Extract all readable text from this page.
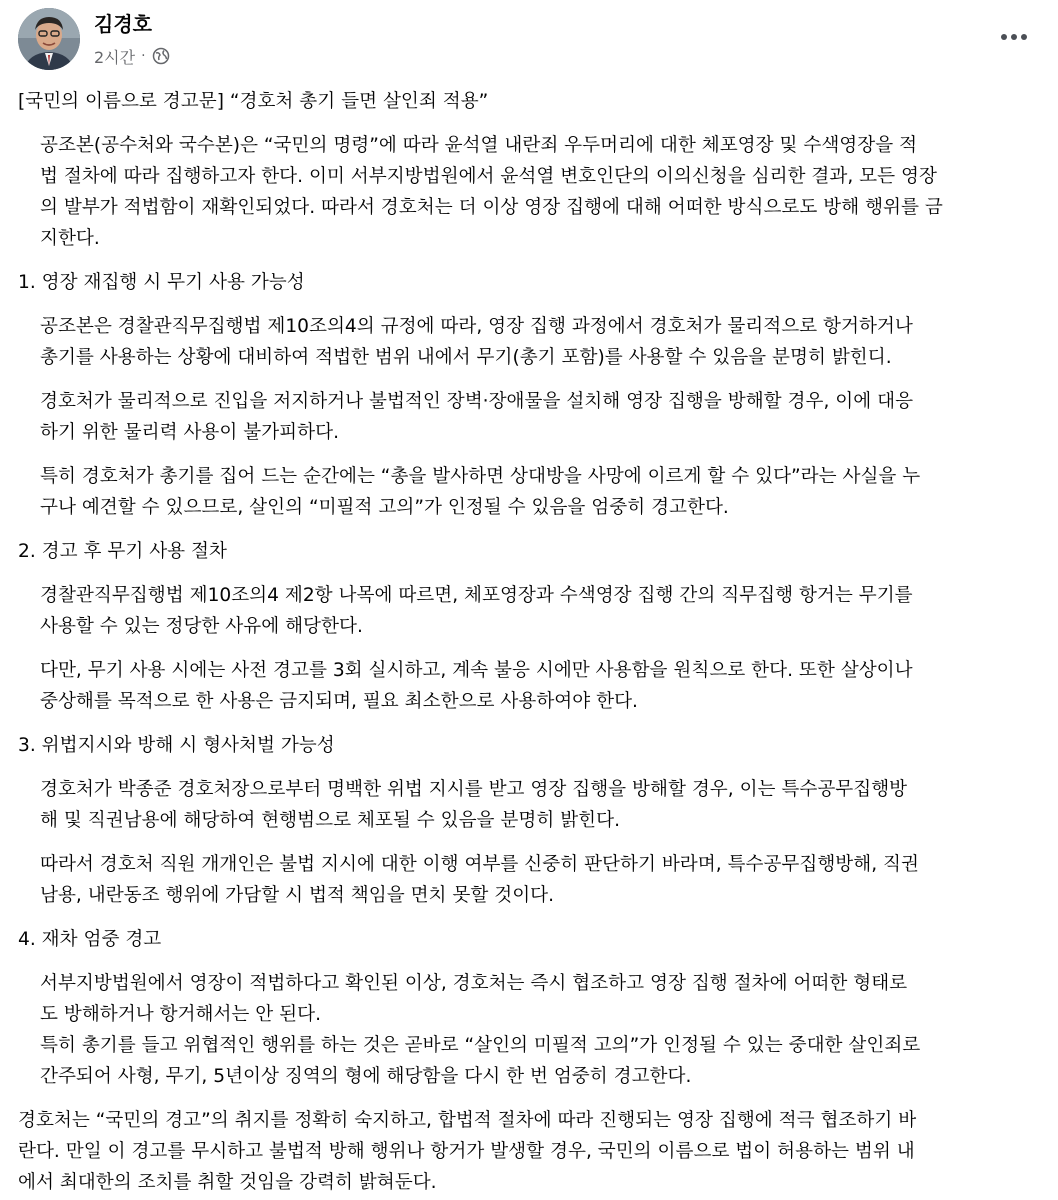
김경호
2시간 ·
[국민의 이름으로 경고문] “경호처 총기 들면 살인죄 적용”
공조본(공수처와 국수본)은 “국민의 명령”에 따라 윤석열 내란죄 우두머리에 대한 체포영장 및 수색영장을 적
법 절차에 따라 집행하고자 한다. 이미 서부지방법원에서 윤석열 변호인단의 이의신청을 심리한 결과, 모든 영장
의 발부가 적법함이 재확인되었다. 따라서 경호처는 더 이상 영장 집행에 대해 어떠한 방식으로도 방해 행위를 금
지한다.
1. 영장 재집행 시 무기 사용 가능성
공조본은 경찰관직무집행법 제10조의4의 규정에 따라, 영장 집행 과정에서 경호처가 물리적으로 항거하거나
총기를 사용하는 상황에 대비하여 적법한 범위 내에서 무기(총기 포함)를 사용할 수 있음을 분명히 밝힌디.
경호처가 물리적으로 진입을 저지하거나 불법적인 장벽·장애물을 설치해 영장 집행을 방해할 경우, 이에 대응
하기 위한 물리력 사용이 불가피하다.
특히 경호처가 총기를 집어 드는 순간에는 “총을 발사하면 상대방을 사망에 이르게 할 수 있다”라는 사실을 누
구나 예견할 수 있으므로, 살인의 “미필적 고의”가 인정될 수 있음을 엄중히 경고한다.
2. 경고 후 무기 사용 절차
경찰관직무집행법 제10조의4 제2항 나목에 따르면, 체포영장과 수색영장 집행 간의 직무집행 항거는 무기를
사용할 수 있는 정당한 사유에 해당한다.
다만, 무기 사용 시에는 사전 경고를 3회 실시하고, 계속 불응 시에만 사용함을 원칙으로 한다. 또한 살상이나
중상해를 목적으로 한 사용은 금지되며, 필요 최소한으로 사용하여야 한다.
3. 위법지시와 방해 시 형사처벌 가능성
경호처가 박종준 경호처장으로부터 명백한 위법 지시를 받고 영장 집행을 방해할 경우, 이는 특수공무집행방
해 및 직권남용에 해당하여 현행범으로 체포될 수 있음을 분명히 밝힌다.
따라서 경호처 직원 개개인은 불법 지시에 대한 이행 여부를 신중히 판단하기 바라며, 특수공무집행방해, 직권
남용, 내란동조 행위에 가담할 시 법적 책임을 면치 못할 것이다.
4. 재차 엄중 경고
서부지방법원에서 영장이 적법하다고 확인된 이상, 경호처는 즉시 협조하고 영장 집행 절차에 어떠한 형태로
도 방해하거나 항거해서는 안 된다.
특히 총기를 들고 위협적인 행위를 하는 것은 곧바로 “살인의 미필적 고의”가 인정될 수 있는 중대한 살인죄로
간주되어 사형, 무기, 5년이상 징역의 형에 해당함을 다시 한 번 엄중히 경고한다.
경호처는 “국민의 경고”의 취지를 정확히 숙지하고, 합법적 절차에 따라 진행되는 영장 집행에 적극 협조하기 바
란다. 만일 이 경고를 무시하고 불법적 방해 행위나 항거가 발생할 경우, 국민의 이름으로 법이 허용하는 범위 내
에서 최대한의 조치를 취할 것임을 강력히 밝혀둔다.
